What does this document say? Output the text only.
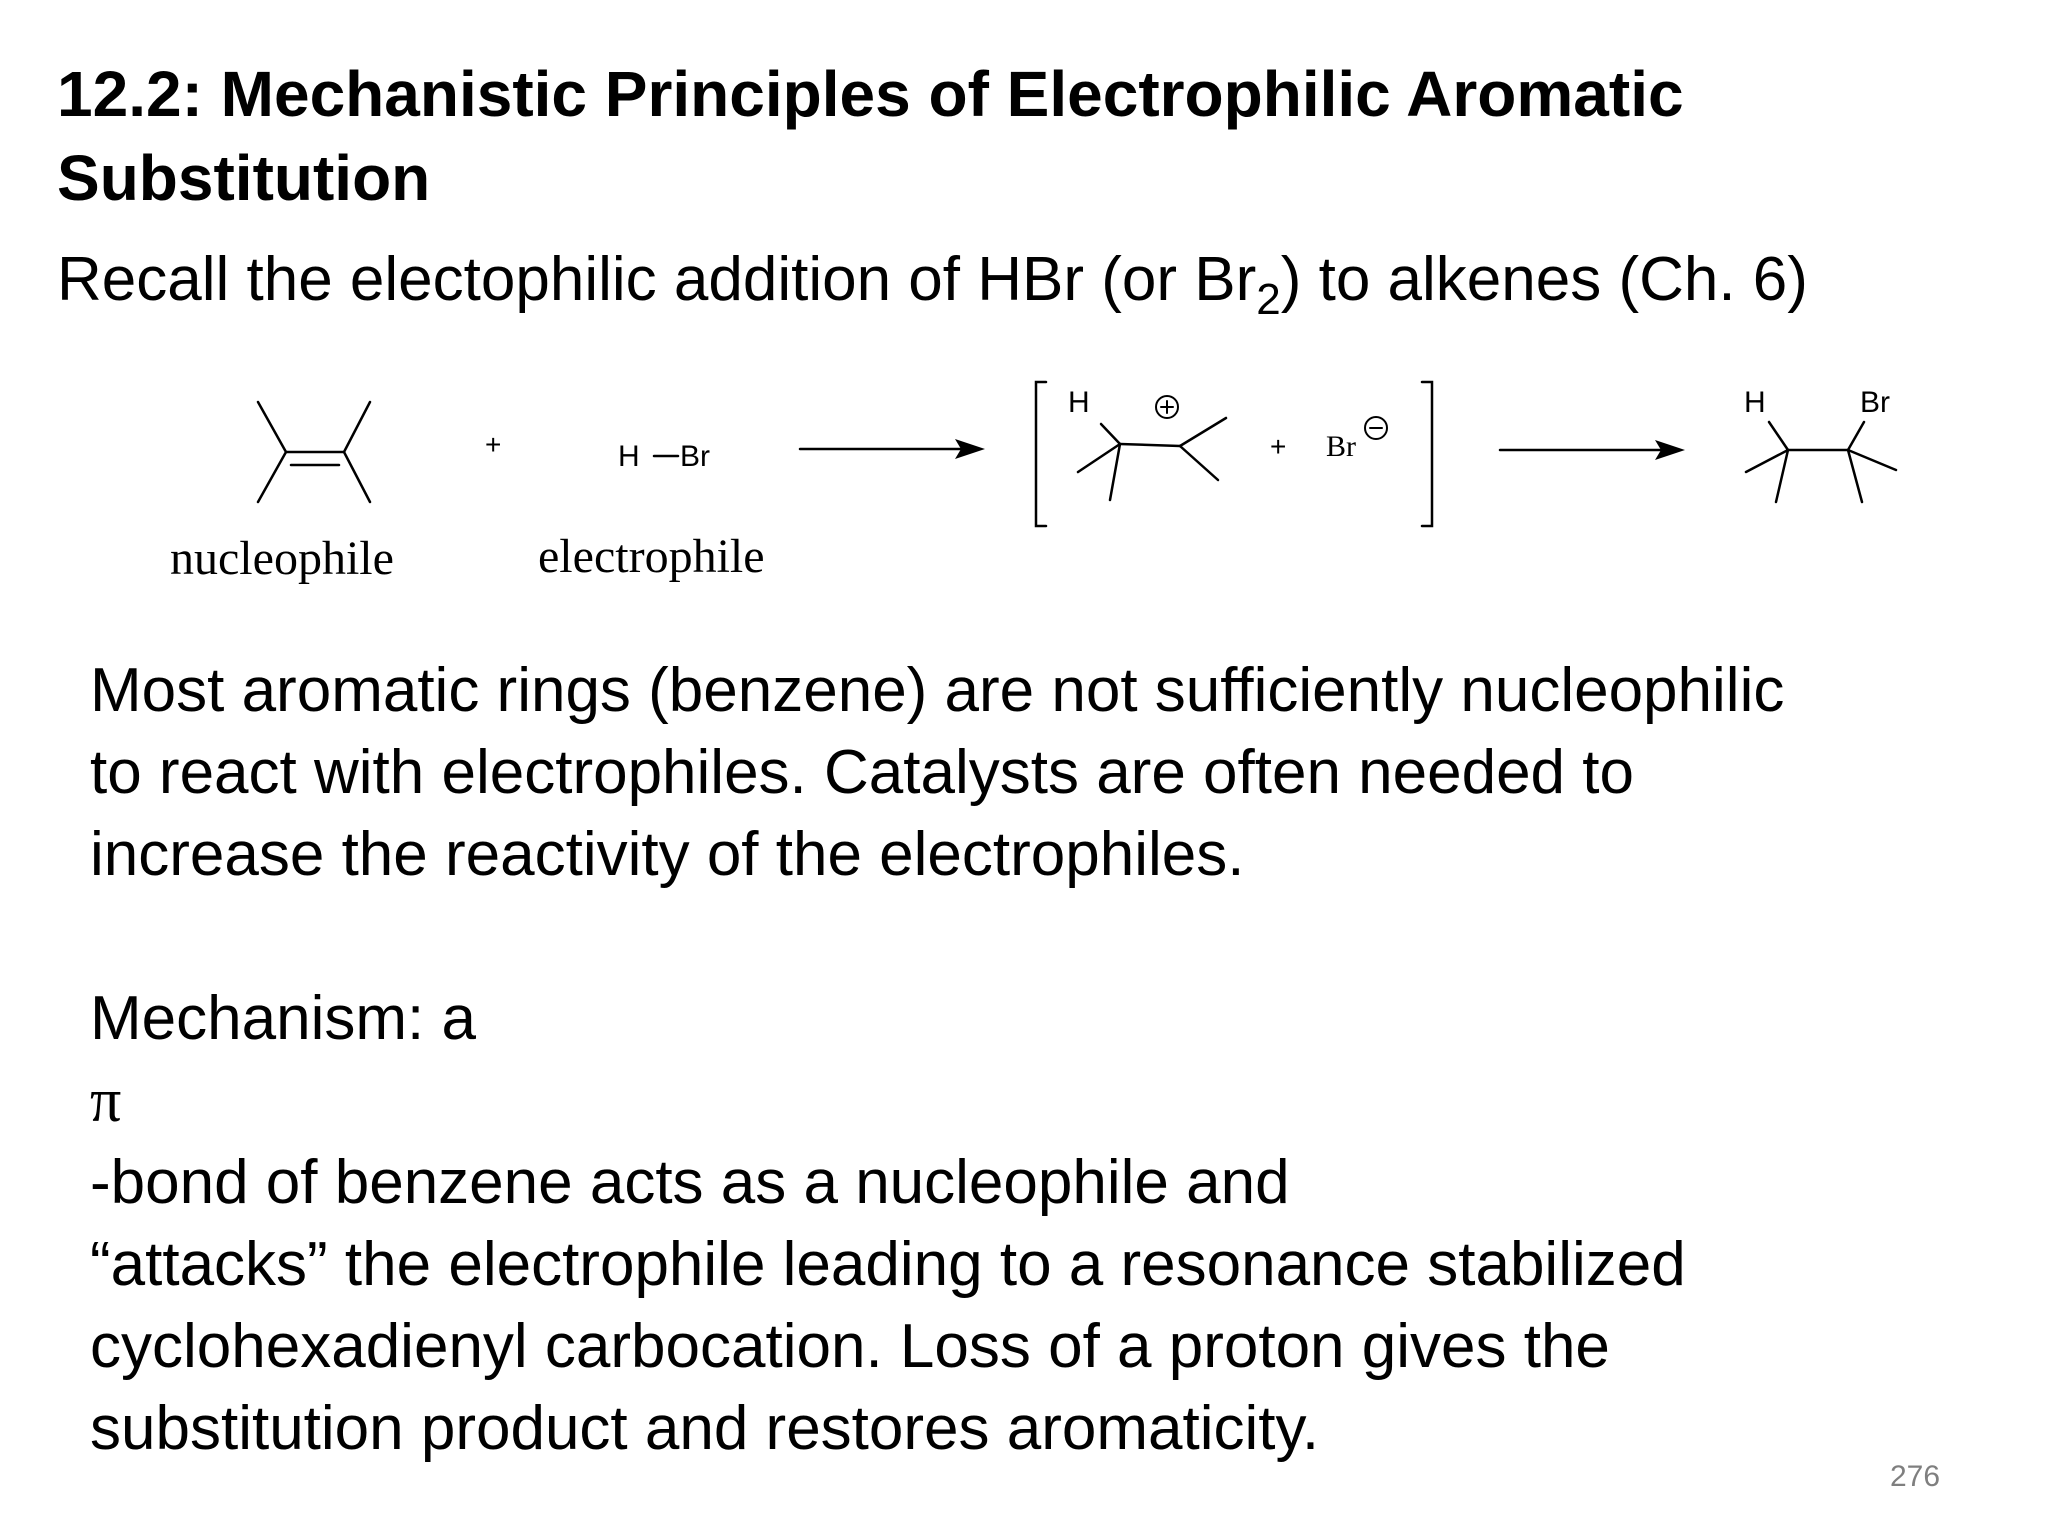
12.2: Mechanistic Principles of Electrophilic Aromatic
Substitution
Recall the electophilic addition of HBr (or $Br_2$) to alkenes (Ch. 6)
+	H Br
H
+ Br
H	Br
nucleophile	electrophile

Most aromatic rings (benzene) are not sufficiently nucleophilic
to react with electrophiles. Catalysts are often needed to
increase the reactivity of the electrophiles.

Mechanism: a
π
-bond of benzene acts as a nucleophile and
“attacks” the electrophile leading to a resonance stabilized
cyclohexadienyl carbocation. Loss of a proton gives the
substitution product and restores aromaticity.

276
